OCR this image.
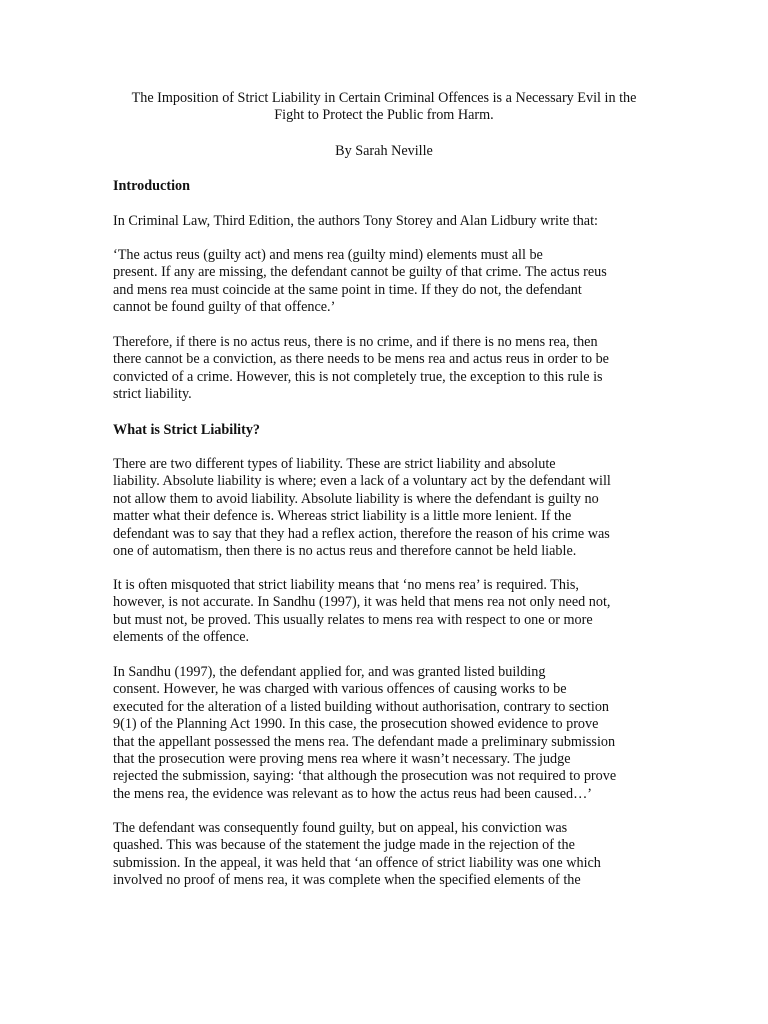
The Imposition of Strict Liability in Certain Criminal Offences is a Necessary Evil in the
Fight to Protect the Public from Harm.

By Sarah Neville

Introduction

In Criminal Law, Third Edition, the authors Tony Storey and Alan Lidbury write that:

‘The actus reus (guilty act) and mens rea (guilty mind) elements must all be
present. If any are missing, the defendant cannot be guilty of that crime. The actus reus
and mens rea must coincide at the same point in time. If they do not, the defendant
cannot be found guilty of that offence.’

Therefore, if there is no actus reus, there is no crime, and if there is no mens rea, then
there cannot be a conviction, as there needs to be mens rea and actus reus in order to be
convicted of a crime. However, this is not completely true, the exception to this rule is
strict liability.

What is Strict Liability?

There are two different types of liability. These are strict liability and absolute
liability. Absolute liability is where; even a lack of a voluntary act by the defendant will
not allow them to avoid liability. Absolute liability is where the defendant is guilty no
matter what their defence is. Whereas strict liability is a little more lenient. If the
defendant was to say that they had a reflex action, therefore the reason of his crime was
one of automatism, then there is no actus reus and therefore cannot be held liable.

It is often misquoted that strict liability means that ‘no mens rea’ is required. This,
however, is not accurate. In Sandhu (1997), it was held that mens rea not only need not,
but must not, be proved. This usually relates to mens rea with respect to one or more
elements of the offence.

In Sandhu (1997), the defendant applied for, and was granted listed building
consent. However, he was charged with various offences of causing works to be
executed for the alteration of a listed building without authorisation, contrary to section
9(1) of the Planning Act 1990. In this case, the prosecution showed evidence to prove
that the appellant possessed the mens rea. The defendant made a preliminary submission
that the prosecution were proving mens rea where it wasn’t necessary. The judge
rejected the submission, saying: ‘that although the prosecution was not required to prove
the mens rea, the evidence was relevant as to how the actus reus had been caused…’

The defendant was consequently found guilty, but on appeal, his conviction was
quashed. This was because of the statement the judge made in the rejection of the
submission. In the appeal, it was held that ‘an offence of strict liability was one which
involved no proof of mens rea, it was complete when the specified elements of the
